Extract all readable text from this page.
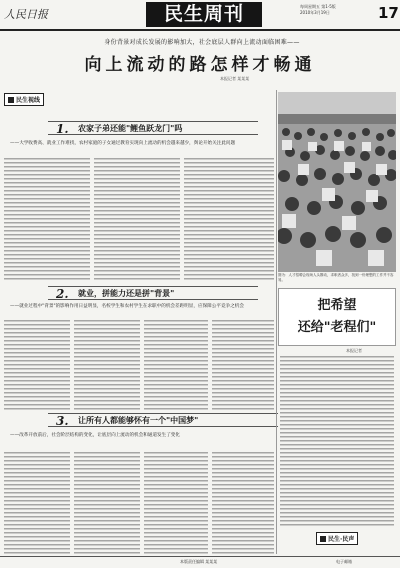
人民日报	民生周刊	每周星期五 第1-5版
2010年3月19日	17
身份背景对成长发展的影响加大，社会底层人群向上流动面临困难——
向上流动的路怎样才畅通
本报记者 某某某
民生视线
1. 农家子弟还能"鲤鱼跃龙门"吗
——大学收费高、就业工作难找，农村家庭的子女通过教育实现向上流动的机会越来越少，舆论开始关注此问题
2. 就业，拼能力还是拼"背景"
——就业过程中"背景"的影响作用日益明显，名校学生和农村学生在求职中的机会差距明显，应保障公平竞争之机会
3. 让所有人都能够怀有一个"中国梦"
——改革开放前后，社会阶层结构的变化，让底层向上流动的机会和通道发生了变化
图为：人才招聘会现场人头攒动，求职者众多，找到一份理想的工作并不容易。
把希望
还给"老程们"
本报记者
民生·民声
本版责任编辑 某某某	电子邮箱
